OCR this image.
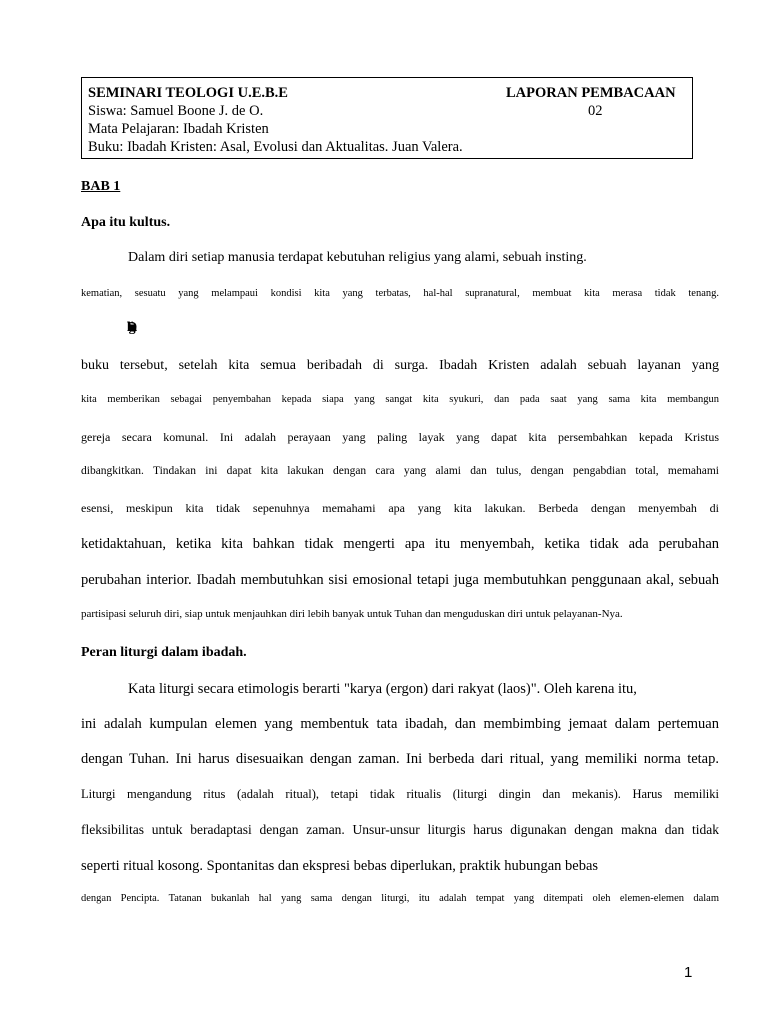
SEMINARI TEOLOGI U.E.B.E	LAPORAN PEMBACAAN
Siswa: Samuel Boone J. de O.	02
Mata Pelajaran: Ibadah Kristen
Buku: Ibadah Kristen: Asal, Evolusi dan Aktualitas. Juan Valera.
BAB 1
Apa itu kultus.
Dalam diri setiap manusia terdapat kebutuhan religius yang alami, sebuah insting.
kematian, sesuatu yang melampaui kondisi kita yang terbatas, hal-hal supranatural, membuat kita merasa tidak tenang.
Dibangun
buku tersebut, setelah kita semua beribadah di surga. Ibadah Kristen adalah sebuah layanan yang
kita memberikan sebagai penyembahan kepada siapa yang sangat kita syukuri, dan pada saat yang sama kita membangun
gereja secara komunal. Ini adalah perayaan yang paling layak yang dapat kita persembahkan kepada Kristus
dibangkitkan. Tindakan ini dapat kita lakukan dengan cara yang alami dan tulus, dengan pengabdian total, memahami
esensi, meskipun kita tidak sepenuhnya memahami apa yang kita lakukan. Berbeda dengan menyembah di
ketidaktahuan, ketika kita bahkan tidak mengerti apa itu menyembah, ketika tidak ada perubahan
perubahan interior. Ibadah membutuhkan sisi emosional tetapi juga membutuhkan penggunaan akal, sebuah
partisipasi seluruh diri, siap untuk menjauhkan diri lebih banyak untuk Tuhan dan menguduskan diri untuk pelayanan-Nya.
Peran liturgi dalam ibadah.
Kata liturgi secara etimologis berarti "karya (ergon) dari rakyat (laos)". Oleh karena itu,
ini adalah kumpulan elemen yang membentuk tata ibadah, dan membimbing jemaat dalam pertemuan
dengan Tuhan. Ini harus disesuaikan dengan zaman. Ini berbeda dari ritual, yang memiliki norma tetap.
Liturgi mengandung ritus (adalah ritual), tetapi tidak ritualis (liturgi dingin dan mekanis). Harus memiliki
fleksibilitas untuk beradaptasi dengan zaman. Unsur-unsur liturgis harus digunakan dengan makna dan tidak
seperti ritual kosong. Spontanitas dan ekspresi bebas diperlukan, praktik hubungan bebas
dengan Pencipta. Tatanan bukanlah hal yang sama dengan liturgi, itu adalah tempat yang ditempati oleh elemen-elemen dalam
1
